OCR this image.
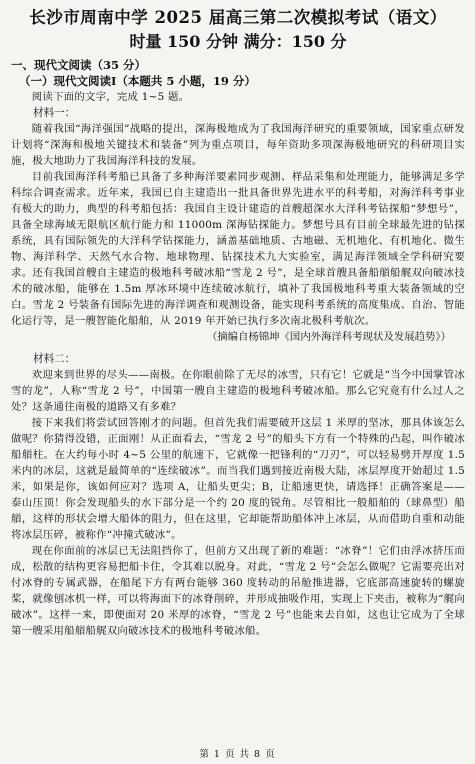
长沙市周南中学 2025 届高三第二次模拟考试（语文）
时量 150 分钟 满分：150 分
一、现代文阅读（35 分）
（一）现代文阅读Ⅰ（本题共 5 小题，19 分）

阅读下面的文字，完成 1~5 题。

材料一：

随着我国“海洋强国”战略的提出，深海极地成为了我国海洋研究的重要领域，国家重点研发计划将“深海和极地关键技术和装备”列为重点项目，每年资助多项深海极地研究的科研项目实施，极大地助力了我国海洋科技的发展。

目前我国海洋科考船已具备了多种海洋要素同步观测、样品采集和处理能力，能够满足多学科综合调查需求。近年来，我国已自主建造出一批具备世界先进水平的科考船，对海洋科考事业有极大的助力，典型的科考船包括：我国自主设计建造的首艘超深水大洋科考钻探船“梦想号”，具备全球海域无限航区航行能力和 11000m 深海钻探能力。梦想号具有目前全球最先进的钻探系统，具有国际领先的大洋科学钻探能力，涵盖基础地质、古地磁、无机地化、有机地化、微生物、海洋科学、天然气水合物、地球物理、钻探技术九大实验室，满足海洋领域全学科研究要求。还有我国首艘自主建造的极地科考破冰船“雪龙 2 号”，是全球首艘具备船艏船艉双向破冰技术的破冰船，能够在 1.5m 厚冰环境中连续破冰航行，填补了我国极地科考重大装备领域的空白。雪龙 2 号装备有国际先进的海洋调查和观测设备，能实现科考系统的高度集成、自治、智能化运行等，是一艘智能化船舶，从 2019 年开始已执行多次南北极科考航次。

（摘编自杨锦坤《国内外海洋科考现状及发展趋势》）
材料二：

欢迎来到世界的尽头——南极。在你眼前除了无尽的冰雪，只有它！它就是“当今中国掌管冰雪的龙”，人称“雪龙 2 号”，中国第一艘自主建造的极地科考破冰船。那么它究竟有什么过人之处？这条通往南极的道路又有多难？

接下来我们将尝试回答刚才的问题。但首先我们需要破开这层 1 米厚的坚冰，那具体该怎么做呢？你猜得没错，正面刚！从正面看去，“雪龙 2 号”的船头下方有一个特殊的凸起，叫作破冰船艏柱。在大约每小时 4~5 公里的航速下，它就像一把锋利的“刀刃”，可以轻易劈开厚度 1.5 米内的冰层，这就是最简单的“连续破冰”。而当我们遇到接近南极大陆，冰层厚度开始超过 1.5 米，如果是你，该如何应对？选项 A，让船头更尖；B，让船速更快，请选择！正确答案是——泰山压顶！你会发现船头的水下部分是一个约 20 度的锐角。尽管相比一般船舶的（球鼻型）船艏，这样的形状会增大船体的阻力，但在这里，它却能帮助船体冲上冰层，从而借助自重和动能将冰层压碎，被称作“冲撞式破冰”。

现在你面前的冰层已无法阻挡你了，但前方又出现了新的难题：“冰脊”！它们由浮冰挤压而成，松散的结构更容易把船卡住，令其难以脱身。对此，“雪龙 2 号”会怎么做呢？它需要亮出对付冰脊的专属武器，在船尾下方有两台能够 360 度转动的吊舱推进器，它底部高速旋转的螺旋桨，就像刨冰机一样，可以将海面下的冰脊削碎，并形成抽吸作用，实现上下夹击，被称为“艉向破冰”。这样一来，即便面对 20 米厚的冰脊，“雪龙 2 号”也能来去自如，这也让它成为了全球第一艘采用船艏船艉双向破冰技术的极地科考破冰船。

第 1 页 共 8 页
